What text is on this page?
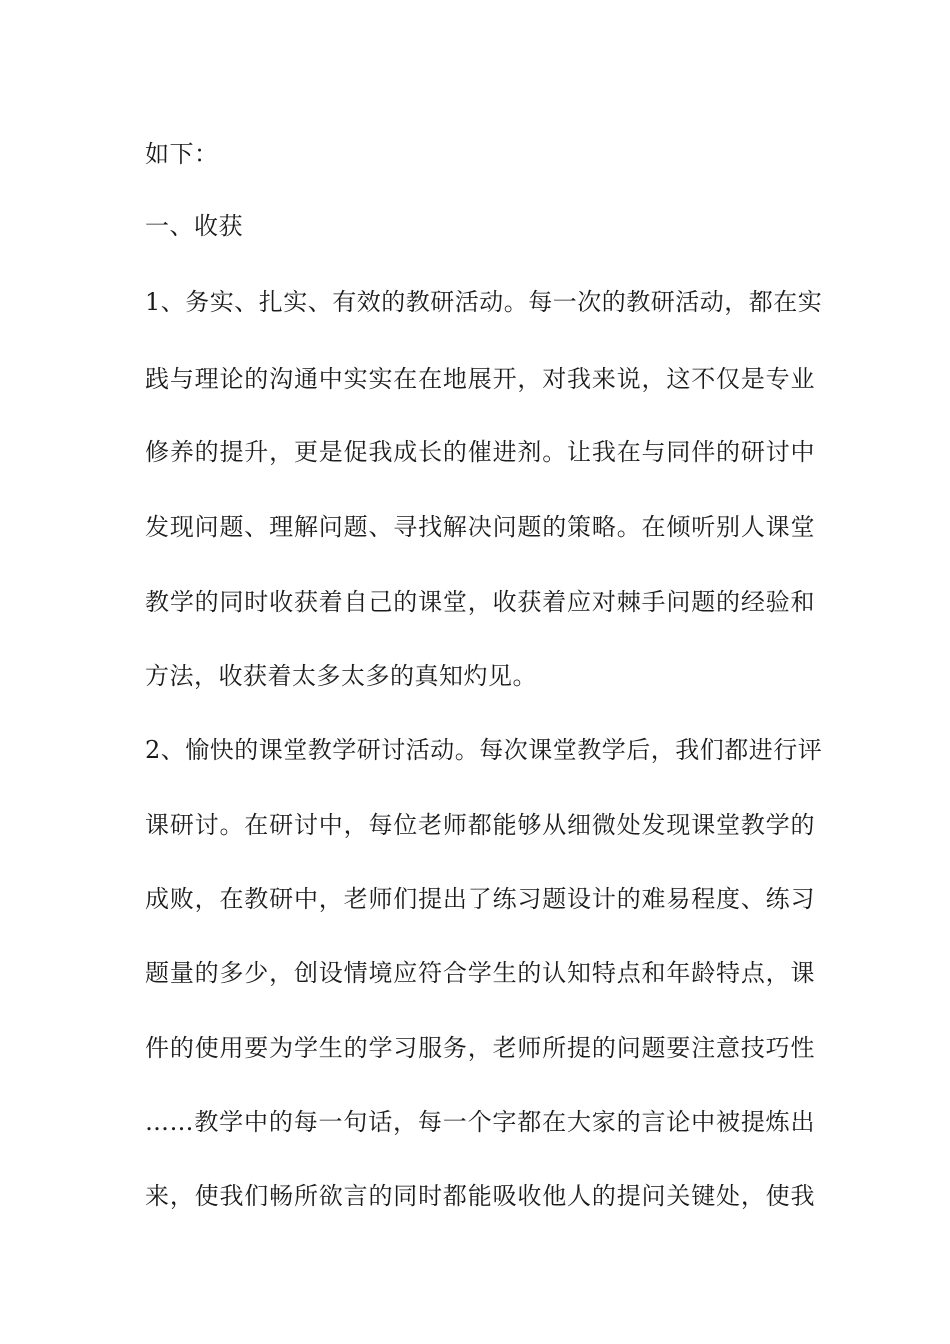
如下：
一、收获
1、务实、扎实、有效的教研活动。每一次的教研活动，都在实
践与理论的沟通中实实在在地展开，对我来说，这不仅是专业
修养的提升，更是促我成长的催进剂。让我在与同伴的研讨中
发现问题、理解问题、寻找解决问题的策略。在倾听别人课堂
教学的同时收获着自己的课堂，收获着应对棘手问题的经验和
方法，收获着太多太多的真知灼见。
2、愉快的课堂教学研讨活动。每次课堂教学后，我们都进行评
课研讨。在研讨中，每位老师都能够从细微处发现课堂教学的
成败，在教研中，老师们提出了练习题设计的难易程度、练习
题量的多少，创设情境应符合学生的认知特点和年龄特点，课
件的使用要为学生的学习服务，老师所提的问题要注意技巧性
……教学中的每一句话，每一个字都在大家的言论中被提炼出
来，使我们畅所欲言的同时都能吸收他人的提问关键处，使我
